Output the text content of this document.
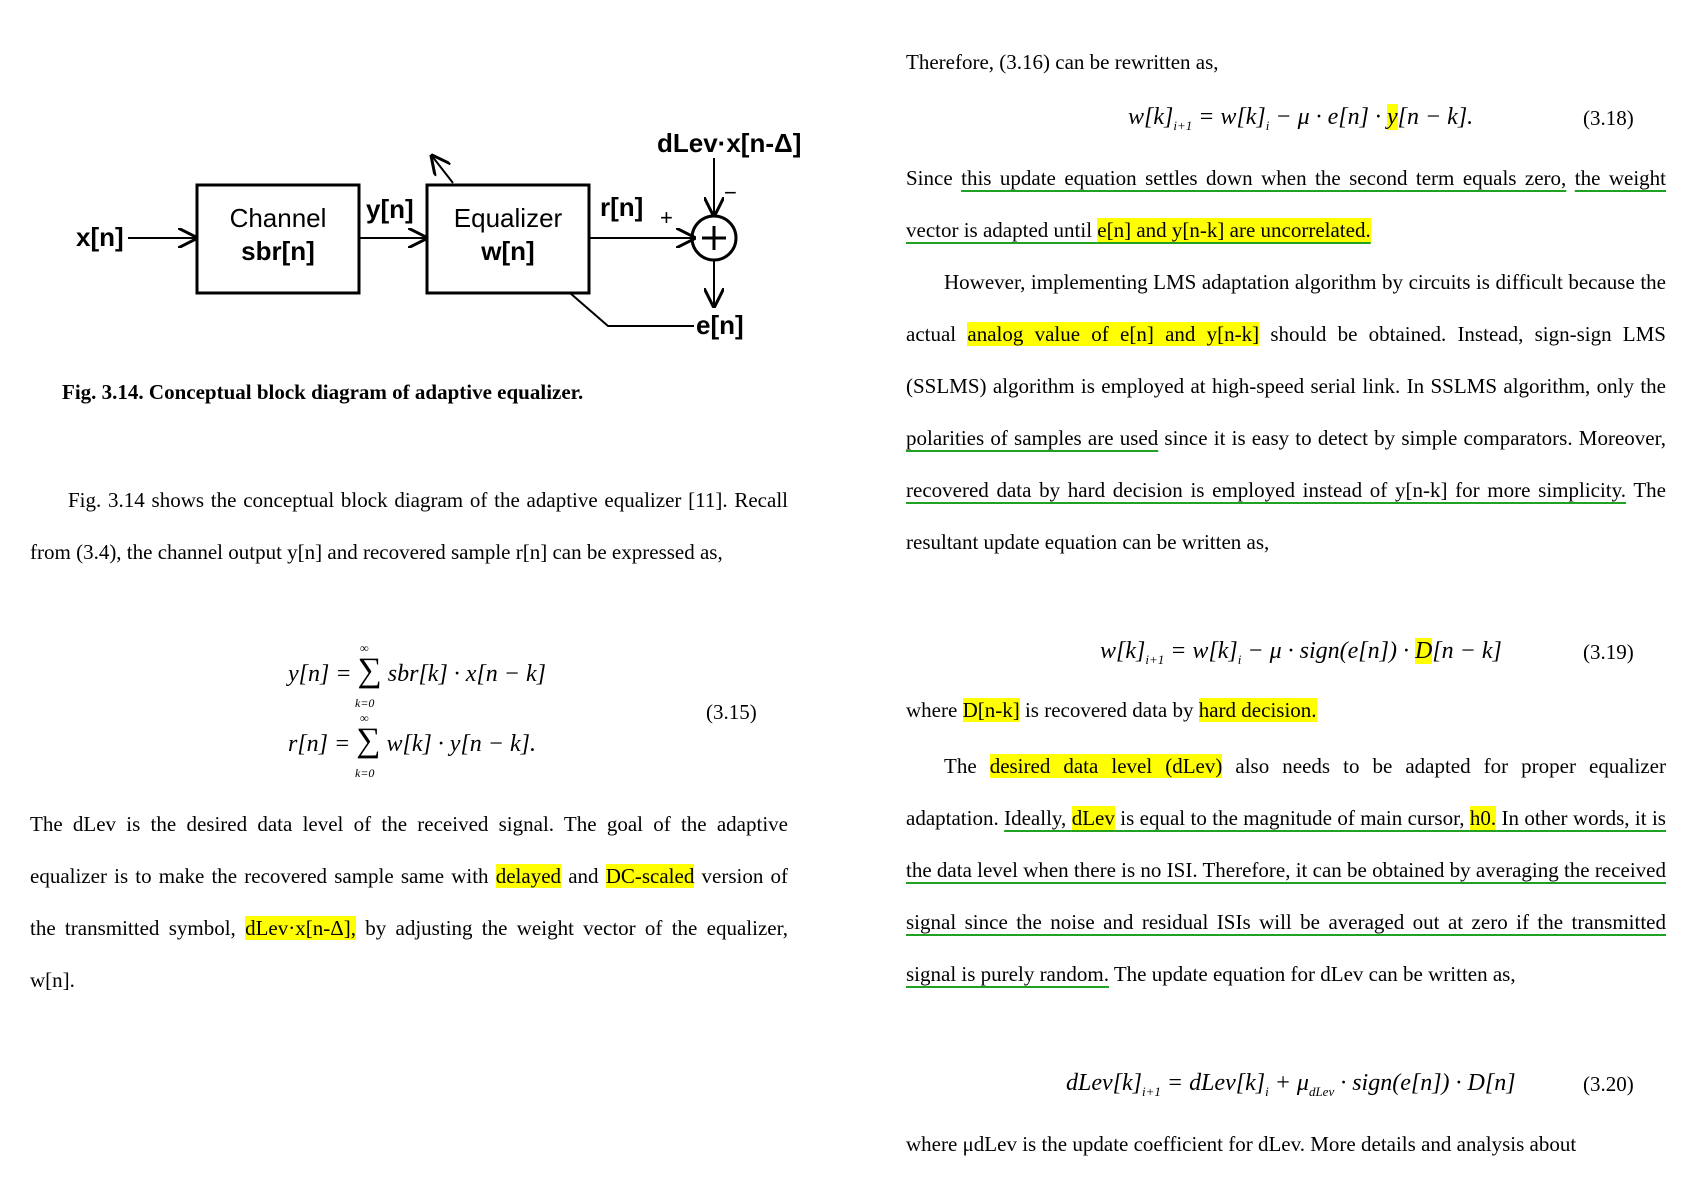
x[n]
Channel
sbr[n]
y[n]	Equalizer
w[n]
r[n]
dLev·x[n-Δ]
+
−
e[n]
Fig. 3.14. Conceptual block diagram of adaptive equalizer.

Fig. 3.14 shows the conceptual block diagram of the adaptive equalizer [11]. Recall from (3.4), the channel output y[n] and recovered sample r[n] can be expressed as,

y[n] = ∑ sbr[k] · x[n − k]
∞
k=0
r[n] = ∑ w[k] · y[n − k].
∞
k=0
(3.15)

The dLev is the desired data level of the received signal. The goal of the adaptive equalizer is to make the recovered sample same with delayed and DC-scaled version of the transmitted symbol, dLev·x[n-Δ], by adjusting the weight vector of the equalizer, w[n].

Therefore, (3.16) can be rewritten as,

$w[k]_{i+1} = w[k]_i - \mu \cdot e[n] \cdot y[n - k]$.	(3.18)

Since this update equation settles down when the second term equals zero, the weight vector is adapted until e[n] and y[n-k] are uncorrelated.

However, implementing LMS adaptation algorithm by circuits is difficult because the actual analog value of e[n] and y[n-k] should be obtained. Instead, sign-sign LMS (SSLMS) algorithm is employed at high-speed serial link. In SSLMS algorithm, only the polarities of samples are used since it is easy to detect by simple comparators. Moreover, recovered data by hard decision is employed instead of y[n-k] for more simplicity. The resultant update equation can be written as,

$w[k]_{i+1} = w[k]_i - \mu$ · sign(e[n]) · D[n − k]	(3.19)

where D[n-k] is recovered data by hard decision.

The desired data level (dLev) also needs to be adapted for proper equalizer adaptation. Ideally, dLev is equal to the magnitude of main cursor, h0. In other words, it is the data level when there is no ISI. Therefore, it can be obtained by averaging the received signal since the noise and residual ISIs will be averaged out at zero if the transmitted signal is purely random. The update equation for dLev can be written as,

$dLev[k]_{i+1}$ = $dLev[k]_i + \mu_{dLev}$ · sign(e[n]) · D[n]	(3.20)

where μdLev is the update coefficient for dLev. More details and analysis about
